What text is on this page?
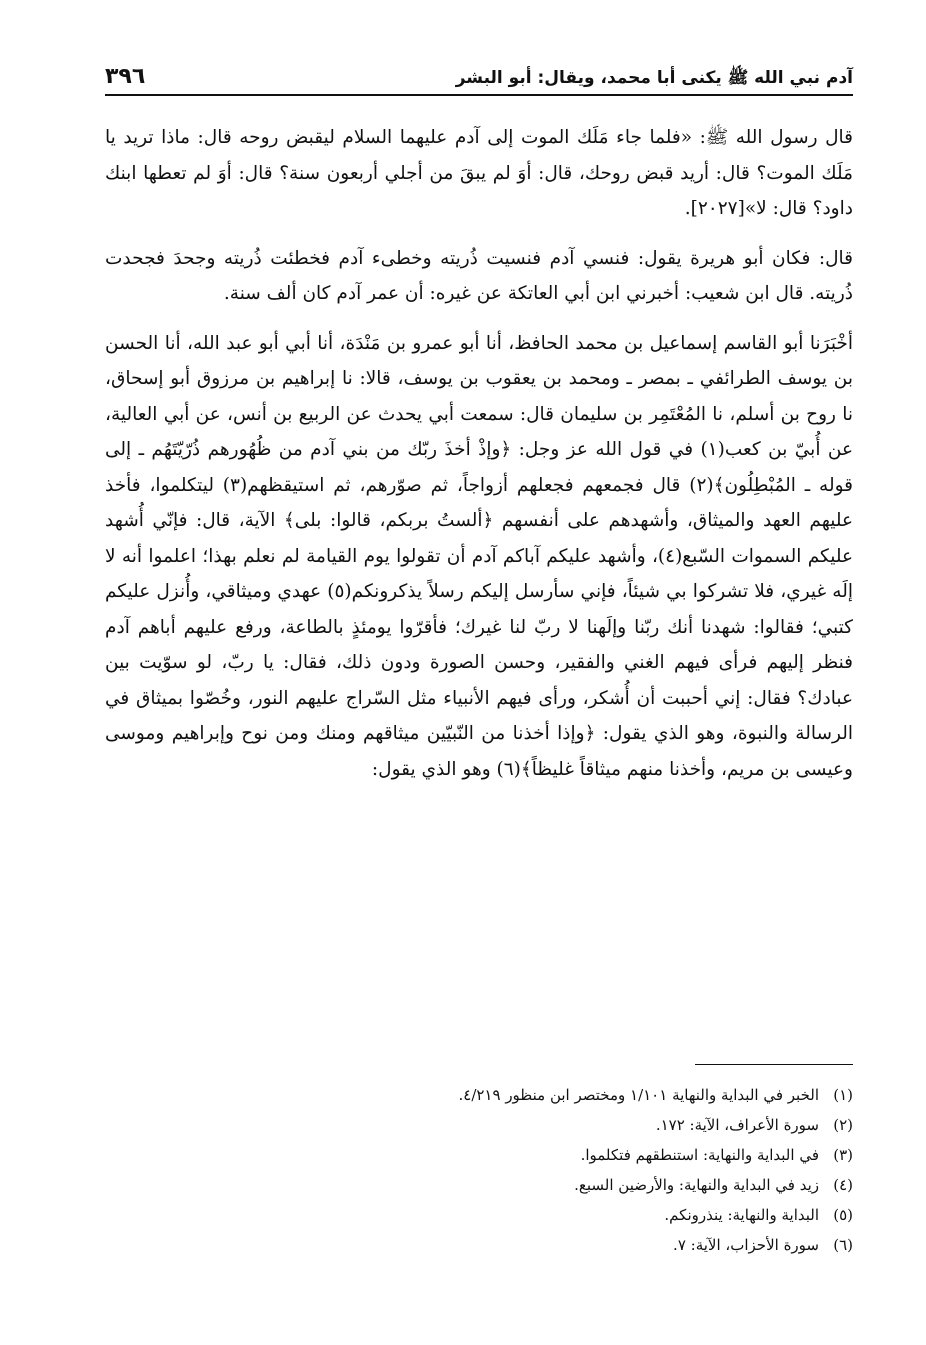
آدم نبي الله ﷺ يكنى أبا محمد، ويقال: أبو البشر
٣٩٦

قال رسول الله ﷺ: «فلما جاء مَلَك الموت إلى آدم عليهما السلام ليقبض روحه قال: ماذا تريد يا مَلَك الموت؟ قال: أريد قبض روحك، قال: أوَ لم يبقَ من أجلي أربعون سنة؟ قال: أوَ لم تعطها ابنك داود؟ قال: لا»[٢٠٢٧].

قال: فكان أبو هريرة يقول: فنسي آدم فنسيت ذُريته وخطىء آدم فخطئت ذُريته وجحدَ فجحدت ذُريته. قال ابن شعيب: أخبرني ابن أبي العاتكة عن غيره: أن عمر آدم كان ألف سنة.

أخْبَرَنا أبو القاسم إسماعيل بن محمد الحافظ، أنا أبو عمرو بن مَنْدَة، أنا أبي أبو عبد الله، أنا الحسن بن يوسف الطرائفي ـ بمصر ـ ومحمد بن يعقوب بن يوسف، قالا: نا إبراهيم بن مرزوق أبو إسحاق، نا روح بن أسلم، نا المُعْتَمِر بن سليمان قال: سمعت أبي يحدث عن الربيع بن أنس، عن أبي العالية، عن أُبيّ بن كعب(١) في قول الله عز وجل: ﴿وإذْ أخذَ ربّك من بني آدم من ظُهُورهم ذُرّيّتَهُم ـ إلى قوله ـ المُبْطِلُون﴾(٢) قال فجمعهم فجعلهم أزواجاً، ثم صوّرهم، ثم استيقظهم(٣) ليتكلموا، فأخذ عليهم العهد والميثاق، وأشهدهم على أنفسهم ﴿ألستُ بربكم، قالوا: بلى﴾ الآية، قال: فإنّي أُشهد عليكم السموات السّبع(٤)، وأشهد عليكم آباكم آدم أن تقولوا يوم القيامة لم نعلم بهذا؛ اعلموا أنه لا إلَه غيري، فلا تشركوا بي شيئاً، فإني سأرسل إليكم رسلاً يذكرونكم(٥) عهدي وميثاقي، وأُنزل عليكم كتبي؛ فقالوا: شهدنا أنك ربّنا وإلَهنا لا ربّ لنا غيرك؛ فأقرّوا يومئذٍ بالطاعة، ورفع عليهم أباهم آدم فنظر إليهم فرأى فيهم الغني والفقير، وحسن الصورة ودون ذلك، فقال: يا ربّ، لو سوّيت بين عبادك؟ فقال: إني أحببت أن أُشكر، ورأى فيهم الأنبياء مثل السّراج عليهم النور، وخُصّوا بميثاق في الرسالة والنبوة، وهو الذي يقول: ﴿وإذا أخذنا من النّبيّين ميثاقهم ومنك ومن نوح وإبراهيم وموسى وعيسى بن مريم، وأخذنا منهم ميثاقاً غليظاً﴾(٦) وهو الذي يقول:

(١)
الخبر في البداية والنهاية ١/١٠١ ومختصر ابن منظور ٤/٢١٩.
(٢)
سورة الأعراف، الآية: ١٧٢.
(٣)
في البداية والنهاية: استنطقهم فتكلموا.
(٤)
زيد في البداية والنهاية: والأرضين السبع.
(٥)
البداية والنهاية: ينذرونكم.
(٦)
سورة الأحزاب، الآية: ٧.
